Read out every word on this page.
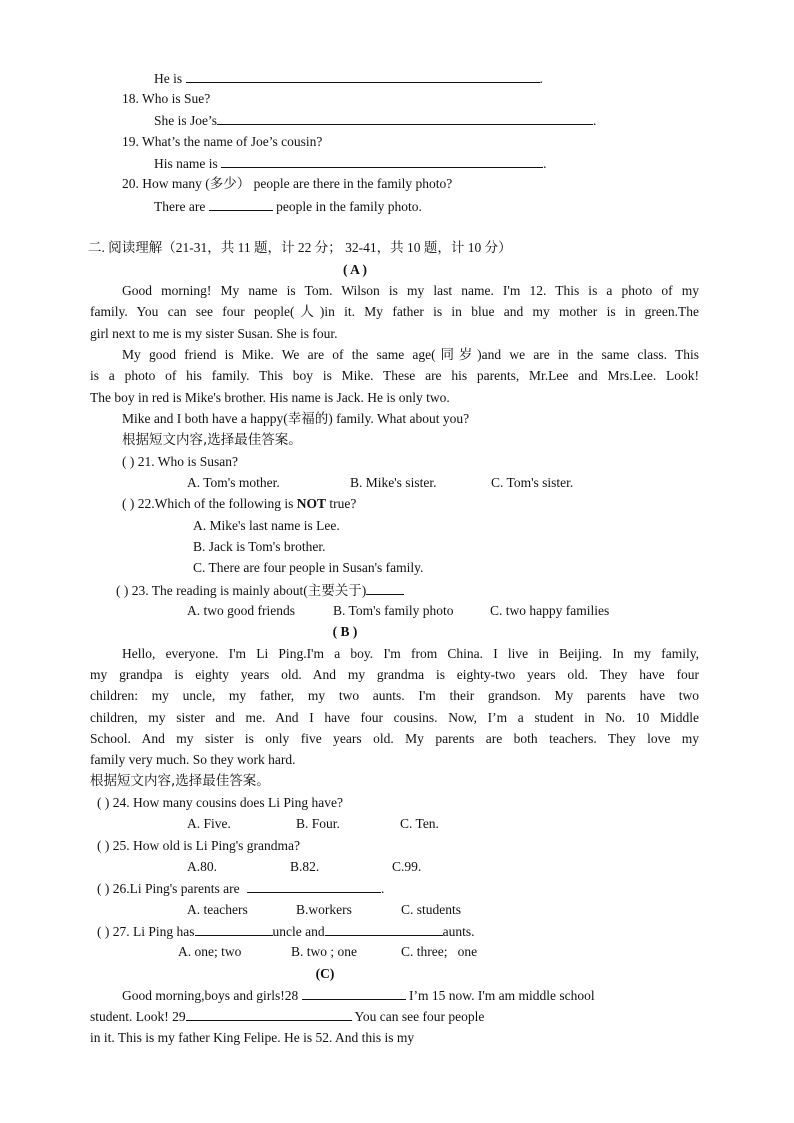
He is	.
18. Who is Sue?
She is Joe’s	.
19. What’s the name of Joe’s cousin?
His name is	.
20. How many (多少） people are there in the family photo?
There are	people in the family photo.
二. 阅读理解（21-31，共 11 题，计 22 分； 32-41，共 10 题，计 10 分）
( A )
Good morning! My name is Tom. Wilson is my last name. I'm 12. This is a photo of my
family. You can see four people(人)in it. My father is in blue and my mother is in green.The
girl next to me is my sister Susan. She is four.
My good friend is Mike. We are of the same age(同岁)and we are in the same class. This
is a photo of his family. This boy is Mike. These are his parents, Mr.Lee and Mrs.Lee. Look!
The boy in red is Mike's brother. His name is Jack. He is only two.
Mike and I both have a happy(幸福的) family. What about you?
根据短文内容,选择最佳答案。
( ) 21. Who is Susan?
A. Tom's mother.	B. Mike's sister.	C. Tom's sister.
( ) 22.Which of the following is NOT true?
A. Mike's last name is Lee.
B. Jack is Tom's brother.
C. There are four people in Susan's family.
( ) 23. The reading is mainly about(主要关于)
A. two good friends	B. Tom's family photo	C. two happy families
( B )
Hello, everyone. I'm Li Ping.I'm a boy. I'm from China. I live in Beijing. In my family,
my grandpa is eighty years old. And my grandma is eighty-two years old. They have four
children: my uncle, my father, my two aunts. I'm their grandson. My parents have two
children, my sister and me. And I have four cousins. Now, I’m a student in No. 10 Middle
School. And my sister is only five years old. My parents are both teachers. They love my
family very much. So they work hard.
根据短文内容,选择最佳答案。
( ) 24. How many cousins does Li Ping have?
A. Five.	B. Four.	C. Ten.
( ) 25. How old is Li Ping's grandma?
A.80.	B.82.	C.99.
( ) 26.Li Ping's parents are	.
A. teachers	B.workers	C. students
( ) 27. Li Ping has	uncle and	aunts.
A. one; two	B. two ; one	C. three;   one
(C)
Good morning,boys and girls!28	I’m 15 now. I'm am middle school
student. Look! 29	You can see four people
in it. This is my father King Felipe. He is 52. And this is my
